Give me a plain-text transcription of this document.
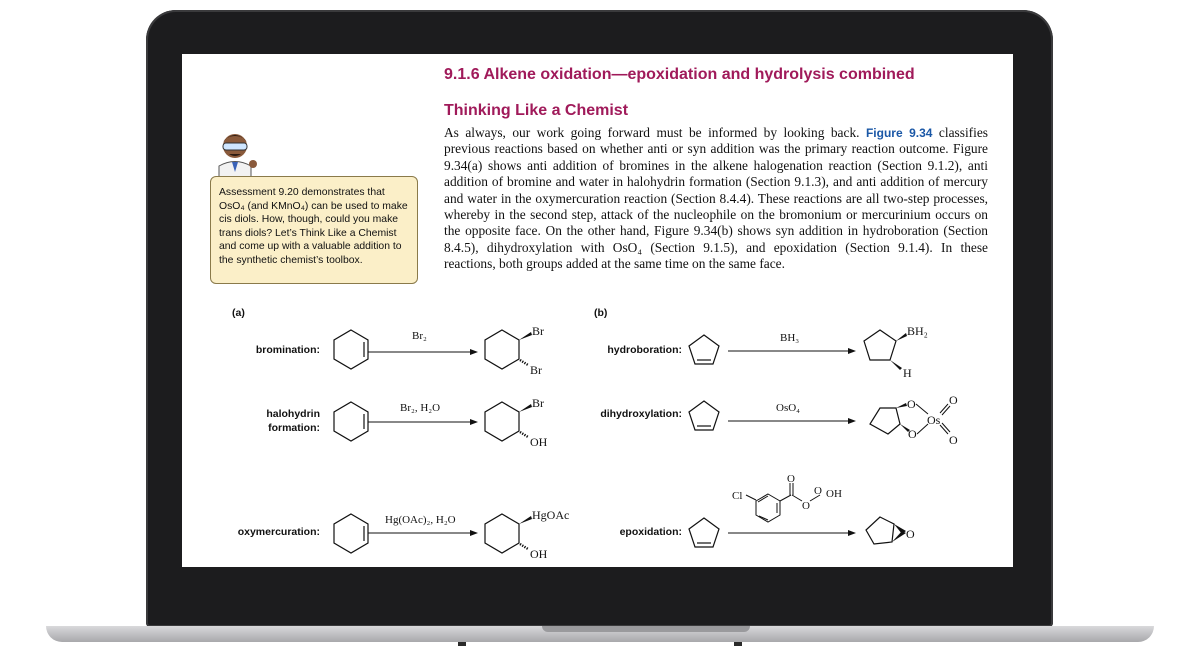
9.1.6 Alkene oxidation—epoxidation and hydrolysis combined
Thinking Like a Chemist

As always, our work going forward must be informed by looking back. Figure 9.34 classifies previous reactions based on whether anti or syn addition was the primary reaction outcome. Figure 9.34(a) shows anti addition of bromines in the alkene halogenation reaction (Section 9.1.2), anti addition of bromine and water in halohydrin formation (Section 9.1.3), and anti addition of mercury and water in the oxymercuration reaction (Section 8.4.4). These reactions are all two-step processes, whereby in the second step, attack of the nucleophile on the bromonium or mercurinium occurs on the opposite face. On the other hand, Figure 9.34(b) shows syn addition in hydroboration (Section 8.4.5), dihydroxylation with OsO₄ (Section 9.1.5), and epoxidation (Section 9.1.4). In these reactions, both groups added at the same time on the same face.

Assessment 9.20 demonstrates that OsO₄ (and KMnO₄) can be used to make cis diols. How, though, could you make trans diols? Let’s Think Like a Chemist and come up with a valuable addition to the synthetic chemist’s toolbox.
(a)	(b)
bromination:
Br₂	Br
Br
halohydrin
formation:
Br₂, H₂O	Br
OH
oxymercuration:
Hg(OAc)₂, H₂O	HgOAc
OH
hydroboration:
BH₃	BH₂
H
dihydroxylation:	OsO₄	O
O
Os
O
O
epoxidation:
Cl
O
O
O OH
O
